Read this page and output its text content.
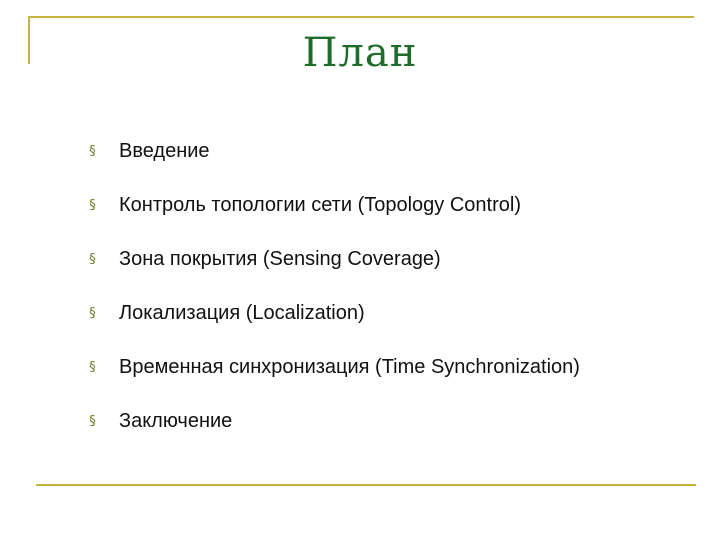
План
§ Введение
§ Контроль топологии сети (Topology Control)
§ Зона покрытия (Sensing Coverage)
§ Локализация (Localization)
§ Временная синхронизация (Time Synchronization)
§ Заключение
